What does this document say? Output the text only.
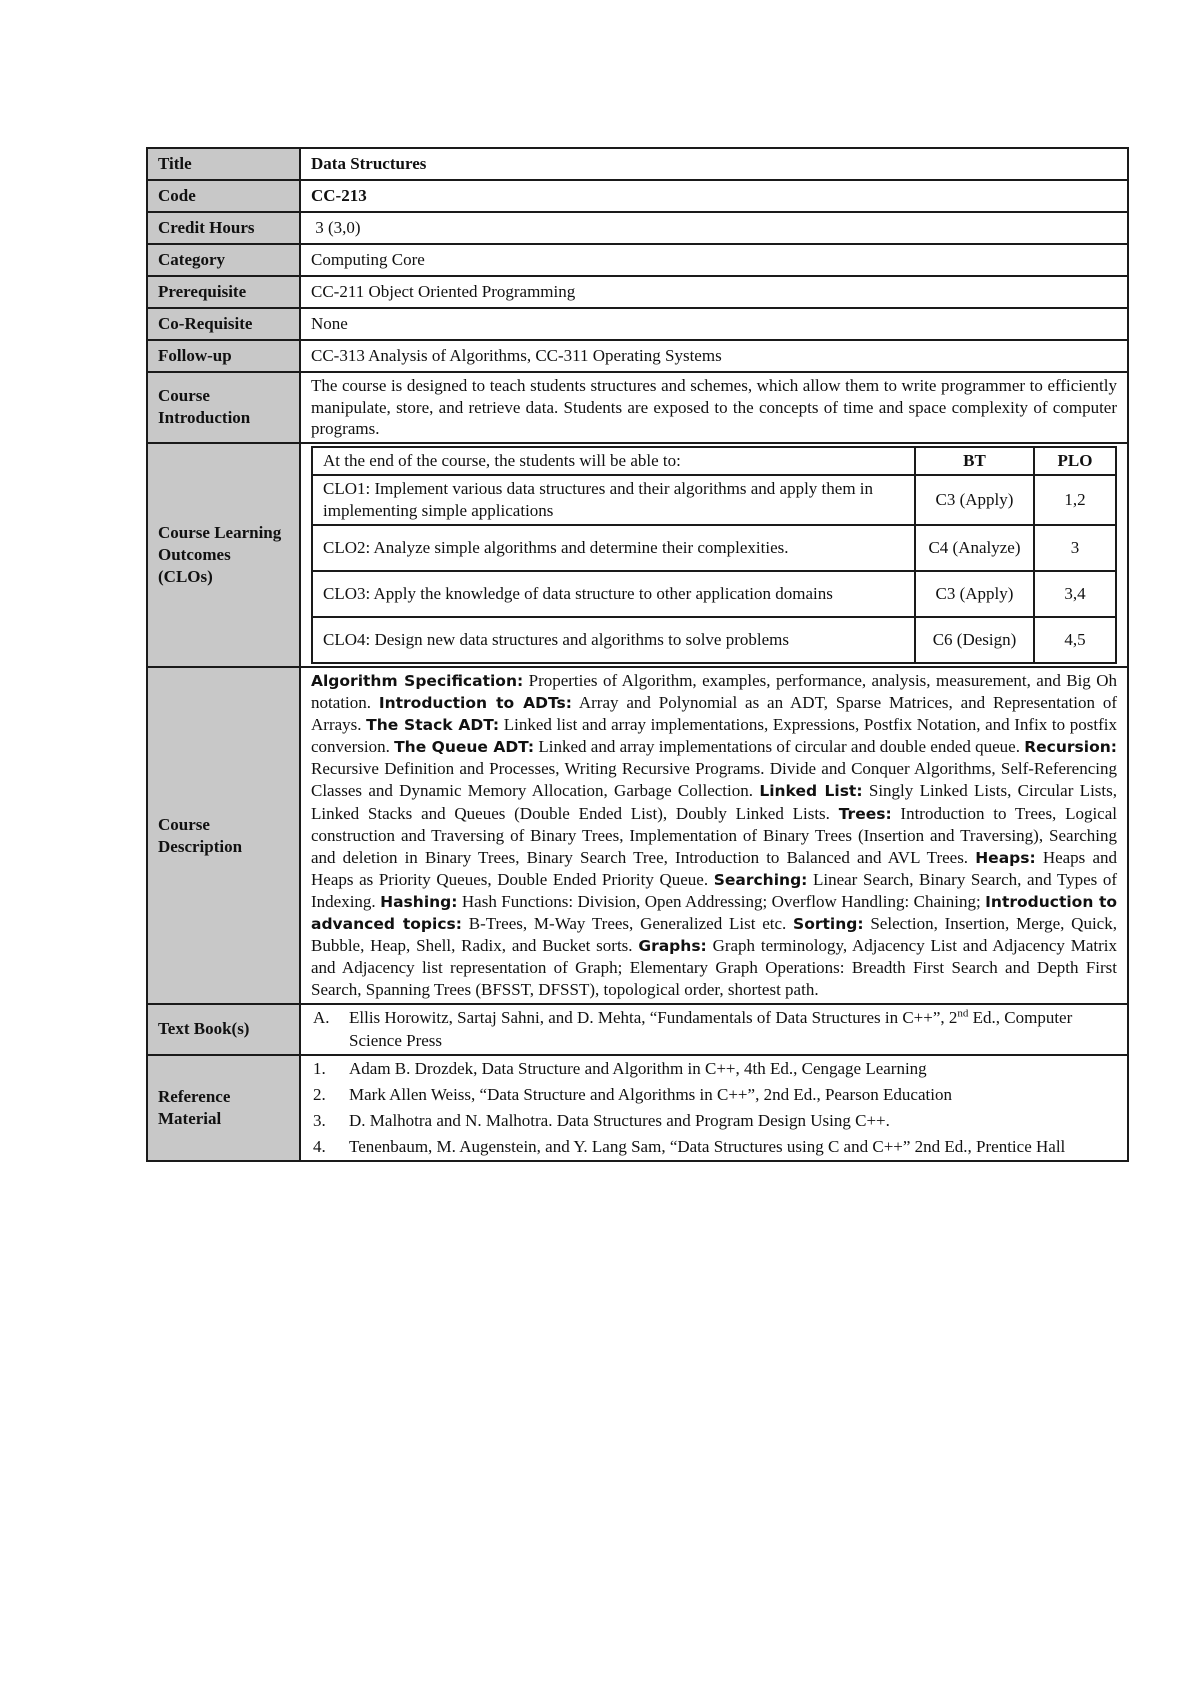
Title	Data Structures
Code	CC-213
Credit Hours	3 (3,0)
Category	Computing Core
Prerequisite	CC-211 Object Oriented Programming
Co-Requisite	None
Follow-up	CC-313 Analysis of Algorithms, CC-311 Operating Systems
Course Introduction	The course is designed to teach students structures and schemes, which allow them to write programmer to efficiently manipulate, store, and retrieve data. Students are exposed to the concepts of time and space complexity of computer programs.
Course Learning Outcomes (CLOs)	
At the end of the course, the students will be able to:	BT	PLO
CLO1: Implement various data structures and their algorithms and apply them in implementing simple applications	C3 (Apply)	1,2
CLO2: Analyze simple algorithms and determine their complexities.	C4 (Analyze)	3
CLO3: Apply the knowledge of data structure to other application domains	C3 (Apply)	3,4
CLO4: Design new data structures and algorithms to solve problems	C6 (Design)	4,5

Course Description	Algorithm Specification: Properties of Algorithm, examples, performance, analysis, measurement, and Big Oh notation. Introduction to ADTs: Array and Polynomial as an ADT, Sparse Matrices, and Representation of Arrays. The Stack ADT: Linked list and array implementations, Expressions, Postfix Notation, and Infix to postfix conversion. The Queue ADT: Linked and array implementations of circular and double ended queue. Recursion: Recursive Definition and Processes, Writing Recursive Programs. Divide and Conquer Algorithms, Self-Referencing Classes and Dynamic Memory Allocation, Garbage Collection. Linked List: Singly Linked Lists, Circular Lists, Linked Stacks and Queues (Double Ended List), Doubly Linked Lists. Trees: Introduction to Trees, Logical construction and Traversing of Binary Trees, Implementation of Binary Trees (Insertion and Traversing), Searching and deletion in Binary Trees, Binary Search Tree, Introduction to Balanced and AVL Trees. Heaps: Heaps and Heaps as Priority Queues, Double Ended Priority Queue. Searching: Linear Search, Binary Search, and Types of Indexing. Hashing: Hash Functions: Division, Open Addressing; Overflow Handling: Chaining; Introduction to advanced topics: B-Trees, M-Way Trees, Generalized List etc. Sorting: Selection, Insertion, Merge, Quick, Bubble, Heap, Shell, Radix, and Bucket sorts. Graphs: Graph terminology, Adjacency List and Adjacency Matrix and Adjacency list representation of Graph; Elementary Graph Operations: Breadth First Search and Depth First Search, Spanning Trees (BFSST, DFSST), topological order, shortest path.
Text Book(s)	
A.	Ellis Horowitz, Sartaj Sahni, and D. Mehta, “Fundamentals of Data Structures in C++”, 2nd Ed., Computer Science Press

Reference Material	
1.	Adam B. Drozdek, Data Structure and Algorithm in C++, 4th Ed., Cengage Learning
2.	Mark Allen Weiss, “Data Structure and Algorithms in C++”, 2nd Ed., Pearson Education
3.	D. Malhotra and N. Malhotra. Data Structures and Program Design Using C++.
4.	Tenenbaum, M. Augenstein, and Y. Lang Sam, “Data Structures using C and C++” 2nd Ed., Prentice Hall
